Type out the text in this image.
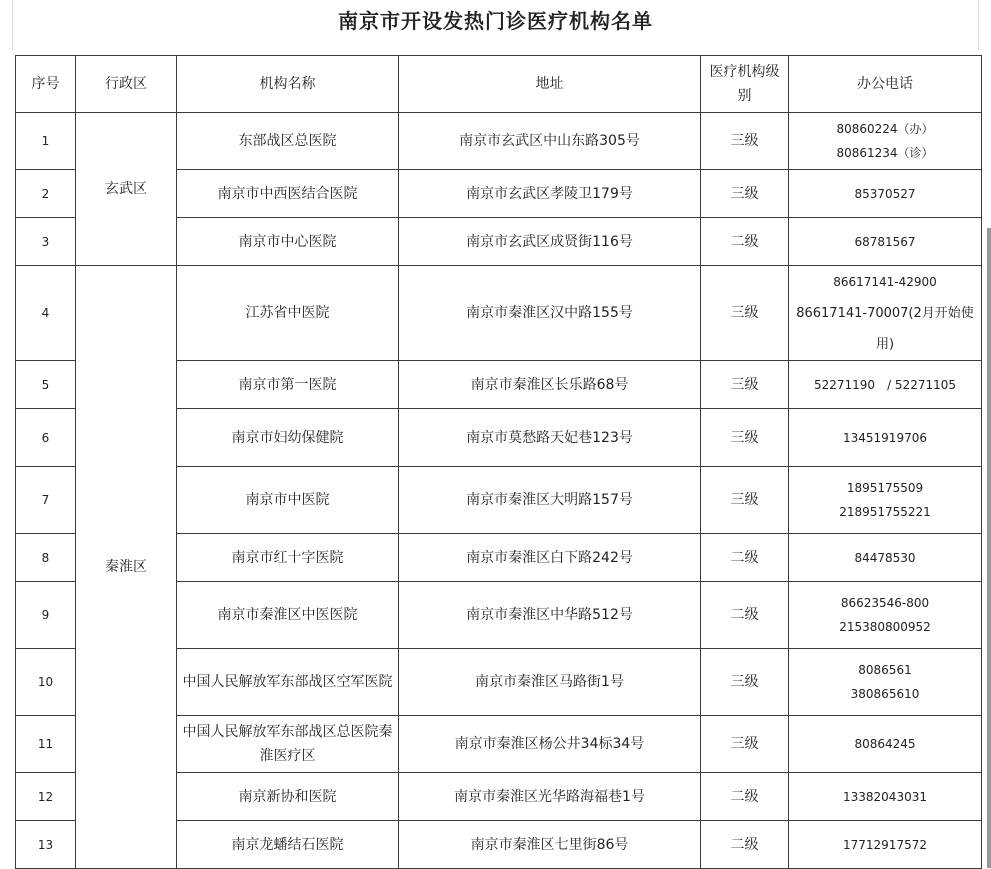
南京市开设发热门诊医疗机构名单
序号	行政区	机构名称	地址	医疗机构级别	办公电话
1	玄武区	东部战区总医院	南京市玄武区中山东路305号	三级	80860224（办）
80861234（诊）

2		南京市中西医结合医院	南京市玄武区孝陵卫179号	三级	85370527

3		南京市中心医院	南京市玄武区成贤街116号	二级	68781567

4	秦淮区	江苏省中医院	南京市秦淮区汉中路155号	三级	86617141-42900
86617141-70007(2月开始使用)

5		南京市第一医院	南京市秦淮区长乐路68号	三级	52271190　/ 52271105

6		南京市妇幼保健院	南京市莫愁路天妃巷123号	三级	13451919706

7		南京市中医院	南京市秦淮区大明路157号	三级	1895175509
218951755221

8		南京市红十字医院	南京市秦淮区白下路242号	二级	84478530

9		南京市秦淮区中医医院	南京市秦淮区中华路512号	二级	86623546-800
215380800952

10		中国人民解放军东部战区空军医院	南京市秦淮区马路街1号	三级	8086561
380865610

11		中国人民解放军东部战区总医院秦淮医疗区	南京市秦淮区杨公井34标34号	三级	80864245

12		南京新协和医院	南京市秦淮区光华路海福巷1号	二级	13382043031

13		南京龙蟠结石医院	南京市秦淮区七里街86号	二级	17712917572
